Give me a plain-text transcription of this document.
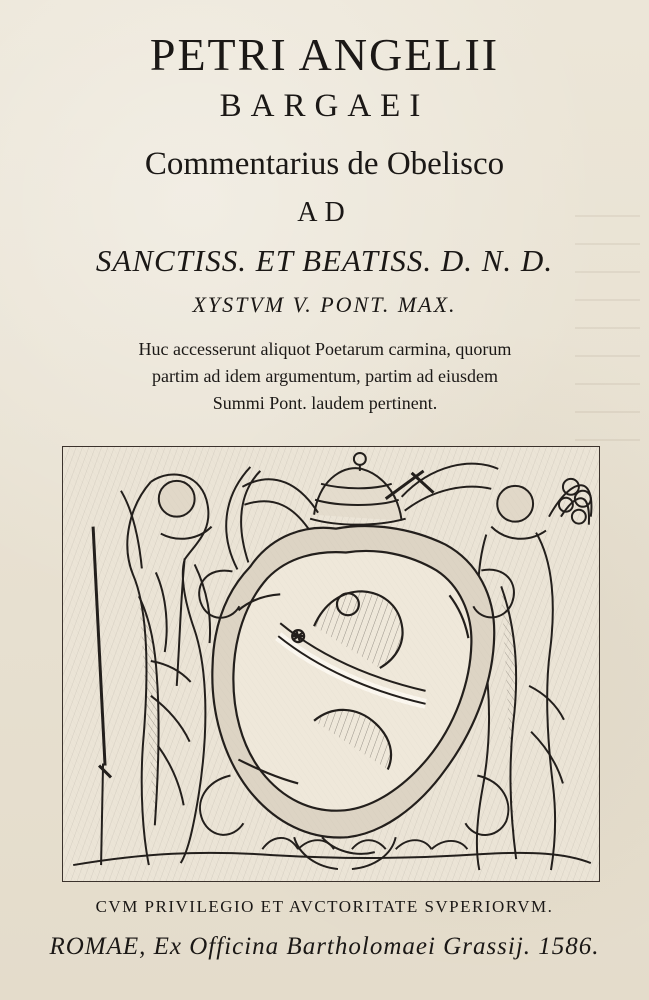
PETRI ANGELII
BARGAEI
Commentarius de Obelisco
AD
SANCTISS. ET BEATISS. D. N. D.
XYSTVM V. PONT. MAX.
Huc accesserunt aliquot Poetarum carmina, quorum
partim ad idem argumentum, partim ad eiusdem
Summi Pont. laudem pertinent.
CVM PRIVILEGIO ET AVCTORITATE SVPERIORVM.
ROMAE, Ex Officina Bartholomaei Grassij. 1586.
